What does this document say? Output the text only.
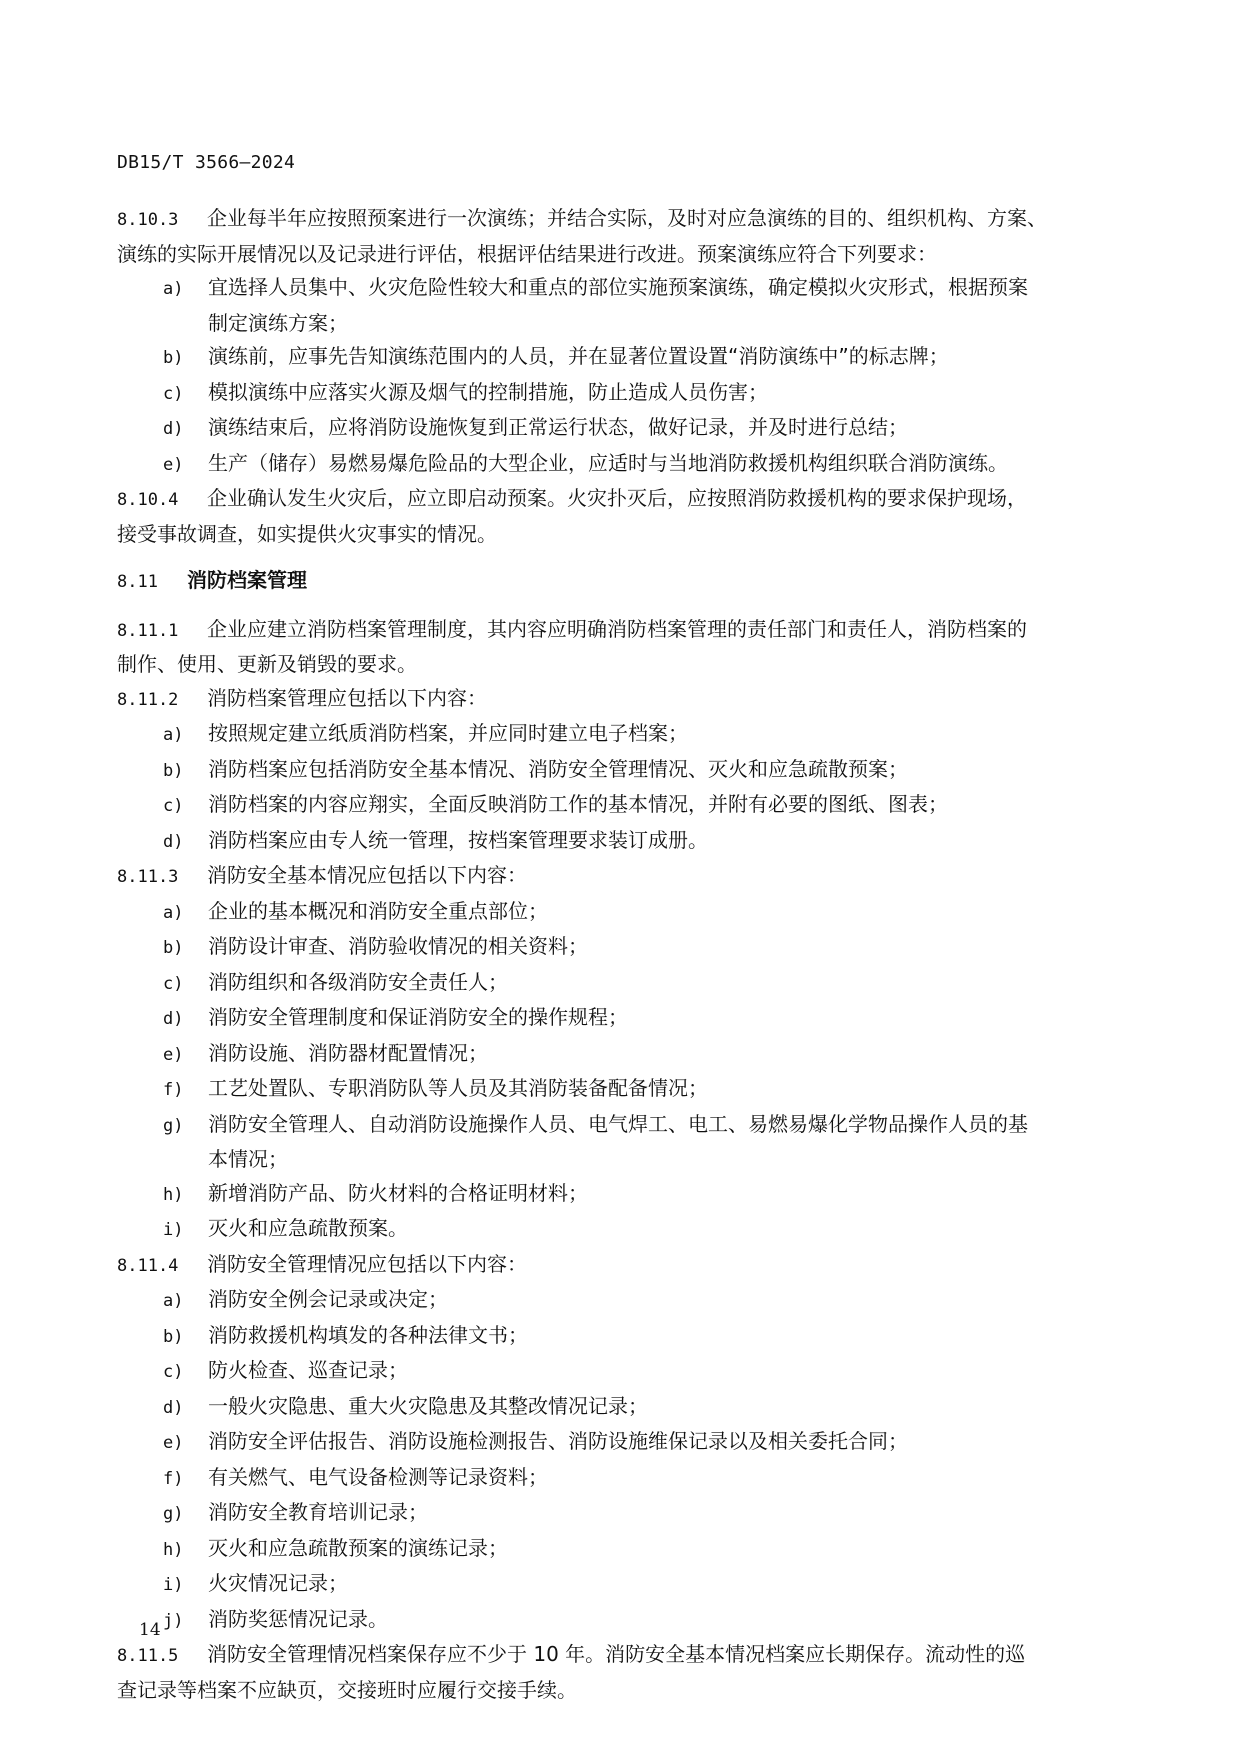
DB15/T 3566—2024
8.10.3 企业每半年应按照预案进行一次演练；并结合实际，及时对应急演练的目的、组织机构、方案、
演练的实际开展情况以及记录进行评估，根据评估结果进行改进。预案演练应符合下列要求：
a) 宜选择人员集中、火灾危险性较大和重点的部位实施预案演练，确定模拟火灾形式，根据预案
制定演练方案；
b) 演练前，应事先告知演练范围内的人员，并在显著位置设置“消防演练中”的标志牌；
c) 模拟演练中应落实火源及烟气的控制措施，防止造成人员伤害；
d) 演练结束后，应将消防设施恢复到正常运行状态，做好记录，并及时进行总结；
e) 生产（储存）易燃易爆危险品的大型企业，应适时与当地消防救援机构组织联合消防演练。
8.10.4 企业确认发生火灾后，应立即启动预案。火灾扑灭后，应按照消防救援机构的要求保护现场，
接受事故调查，如实提供火灾事实的情况。
8.11 消防档案管理
8.11.1 企业应建立消防档案管理制度，其内容应明确消防档案管理的责任部门和责任人，消防档案的
制作、使用、更新及销毁的要求。
8.11.2 消防档案管理应包括以下内容：
a) 按照规定建立纸质消防档案，并应同时建立电子档案；
b) 消防档案应包括消防安全基本情况、消防安全管理情况、灭火和应急疏散预案；
c) 消防档案的内容应翔实，全面反映消防工作的基本情况，并附有必要的图纸、图表；
d) 消防档案应由专人统一管理，按档案管理要求装订成册。
8.11.3 消防安全基本情况应包括以下内容：
a) 企业的基本概况和消防安全重点部位；
b) 消防设计审查、消防验收情况的相关资料；
c) 消防组织和各级消防安全责任人；
d) 消防安全管理制度和保证消防安全的操作规程；
e) 消防设施、消防器材配置情况；
f) 工艺处置队、专职消防队等人员及其消防装备配备情况；
g) 消防安全管理人、自动消防设施操作人员、电气焊工、电工、易燃易爆化学物品操作人员的基
本情况；
h) 新增消防产品、防火材料的合格证明材料；
i) 灭火和应急疏散预案。
8.11.4 消防安全管理情况应包括以下内容：
a) 消防安全例会记录或决定；
b) 消防救援机构填发的各种法律文书；
c) 防火检查、巡查记录；
d) 一般火灾隐患、重大火灾隐患及其整改情况记录；
e) 消防安全评估报告、消防设施检测报告、消防设施维保记录以及相关委托合同；
f) 有关燃气、电气设备检测等记录资料；
g) 消防安全教育培训记录；
h) 灭火和应急疏散预案的演练记录；
i) 火灾情况记录；
j) 消防奖惩情况记录。
8.11.5 消防安全管理情况档案保存应不少于 10 年。消防安全基本情况档案应长期保存。流动性的巡
查记录等档案不应缺页，交接班时应履行交接手续。
14
